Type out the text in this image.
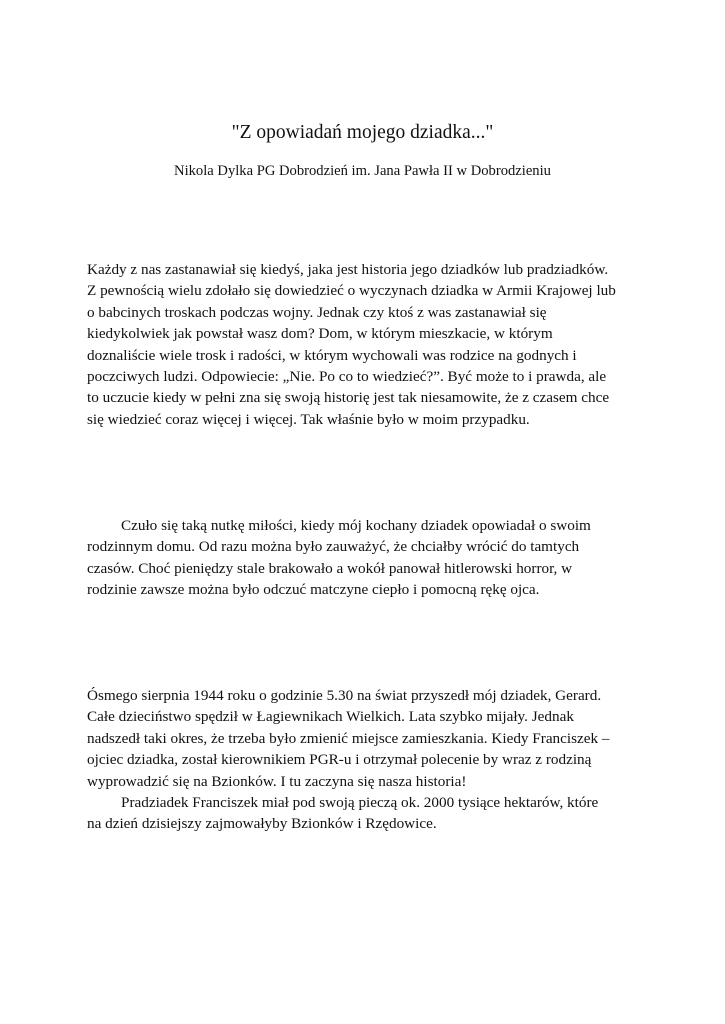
"Z opowiadań mojego dziadka..."

Nikola Dylka PG Dobrodzień im. Jana Pawła II w Dobrodzieniu

Każdy z nas zastanawiał się kiedyś, jaka jest historia jego dziadków lub pradziadków.
Z pewnością wielu zdołało się dowiedzieć o wyczynach dziadka w Armii Krajowej lub
o babcinych troskach podczas wojny. Jednak czy ktoś z was zastanawiał się
kiedykolwiek jak powstał wasz dom? Dom, w którym mieszkacie, w którym
doznaliście wiele trosk i radości, w którym wychowali was rodzice na godnych i
poczciwych ludzi. Odpowiecie: „Nie. Po co to wiedzieć?”. Być może to i prawda, ale
to uczucie kiedy w pełni zna się swoją historię jest tak niesamowite, że z czasem chce
się wiedzieć coraz więcej i więcej. Tak właśnie było w moim przypadku.
Czuło się taką nutkę miłości, kiedy mój kochany dziadek opowiadał o swoim
rodzinnym domu. Od razu można było zauważyć, że chciałby wrócić do tamtych
czasów. Choć pieniędzy stale brakowało a wokół panował hitlerowski horror, w
rodzinie zawsze można było odczuć matczyne ciepło i pomocną rękę ojca.
Ósmego sierpnia 1944 roku o godzinie 5.30 na świat przyszedł mój dziadek, Gerard.
Całe dzieciństwo spędził w Łagiewnikach Wielkich. Lata szybko mijały. Jednak
nadszedł taki okres, że trzeba było zmienić miejsce zamieszkania. Kiedy Franciszek –
ojciec dziadka, został kierownikiem PGR-u i otrzymał polecenie by wraz z rodziną
wyprowadzić się na Bzionków. I tu zaczyna się nasza historia!
Pradziadek Franciszek miał pod swoją pieczą ok. 2000 tysiące hektarów, które
na dzień dzisiejszy zajmowałyby Bzionków i Rzędowice.
